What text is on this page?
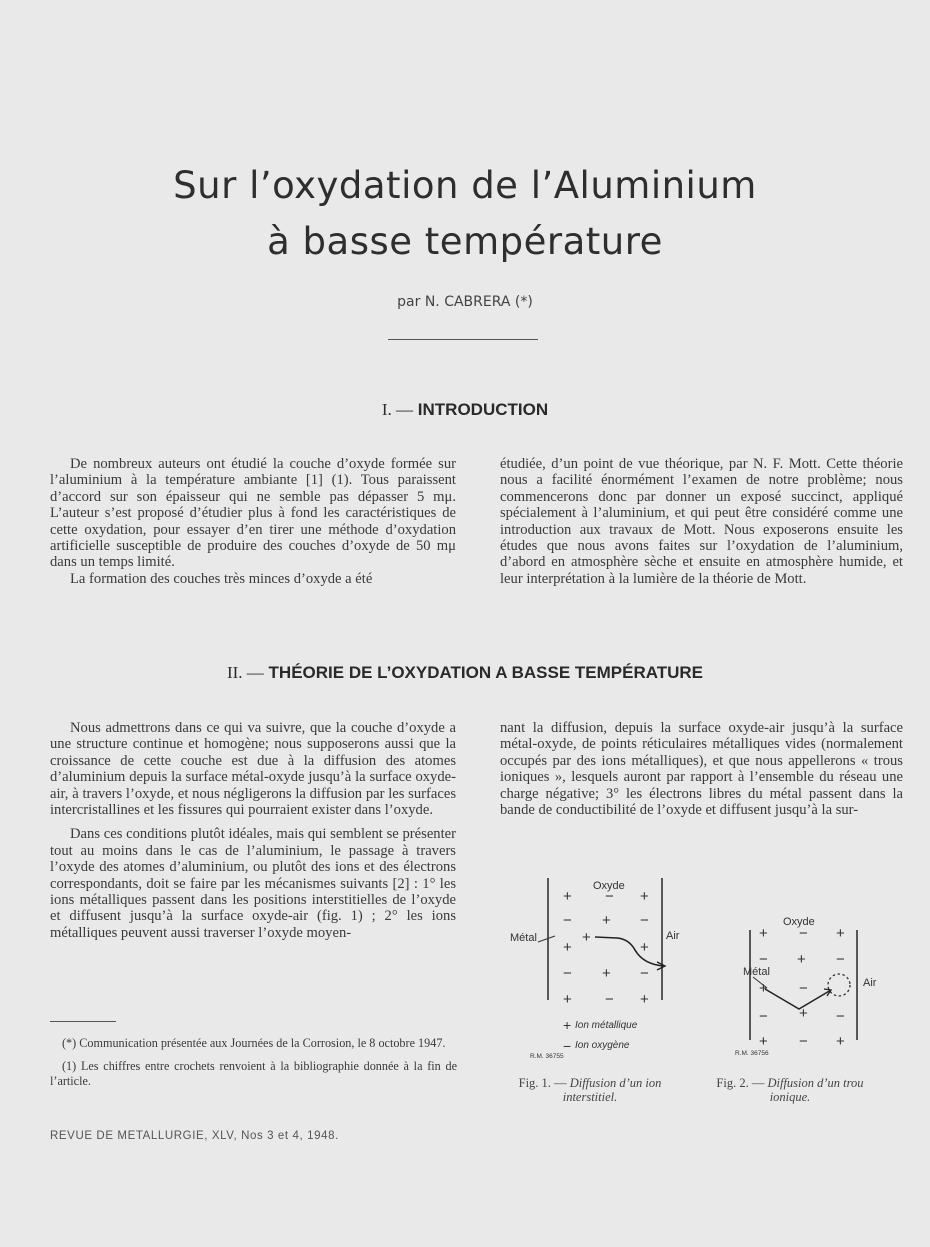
Sur l’oxydation de l’Aluminium
à basse température
par N. CABRERA (*)
I. — INTRODUCTION

De nombreux auteurs ont étudié la couche d’oxyde formée sur l’aluminium à la température ambiante [1] (1). Tous paraissent d’accord sur son épaisseur qui ne semble pas dépasser 5 mμ. L’auteur s’est proposé d’étudier plus à fond les caractéristiques de cette oxydation, pour essayer d’en tirer une méthode d’oxydation artificielle susceptible de produire des couches d’oxyde de 50 mμ dans un temps limité.

La formation des couches très minces d’oxyde a été

étudiée, d’un point de vue théorique, par N. F. Mott. Cette théorie nous a facilité énormément l’examen de notre problème; nous commencerons donc par donner un exposé succinct, appliqué spécialement à l’aluminium, et qui peut être considéré comme une introduction aux travaux de Mott. Nous exposerons ensuite les études que nous avons faites sur l’oxydation de l’aluminium, d’abord en atmosphère sèche et ensuite en atmosphère humide, et leur interprétation à la lumière de la théorie de Mott.

II. — THÉORIE DE L’OXYDATION A BASSE TEMPÉRATURE

Nous admettrons dans ce qui va suivre, que la couche d’oxyde a une structure continue et homogène; nous supposerons aussi que la croissance de cette couche est due à la diffusion des atomes d’aluminium depuis la surface métal-oxyde jusqu’à la surface oxyde-air, à travers l’oxyde, et nous négligerons la diffusion par les surfaces intercristallines et les fissures qui pourraient exister dans l’oxyde.

Dans ces conditions plutôt idéales, mais qui semblent se présenter tout au moins dans le cas de l’aluminium, le passage à travers l’oxyde des atomes d’aluminium, ou plutôt des ions et des électrons correspondants, doit se faire par les mécanismes suivants [2] : 1° les ions métalliques passent dans les positions interstitielles de l’oxyde et diffusent jusqu’à la surface oxyde-air (fig. 1) ; 2° les ions métalliques peuvent aussi traverser l’oxyde moyen-

nant la diffusion, depuis la surface oxyde-air jusqu’à la surface métal-oxyde, de points réticulaires métalliques vides (normalement occupés par des ions métalliques), et que nous appellerons « trous ioniques », lesquels auront par rapport à l’ensemble du réseau une charge négative; 3° les électrons libres du métal passent dans la bande de conductibilité de l’oxyde et diffusent jusqu’à la sur-

Oxyde
Métal	Air
+ − +
− + −
+	+
− + −
+ − +
+
+ Ion métallique
− Ion oxygène
R.M. 36755
Fig. 1. — Diffusion d’un ion interstitiel.
Oxyde
Métal
Air
+ − +
− + −
+ −
− + −
+ − +
R.M. 36756
Fig. 2. — Diffusion d’un trou ionique.

(*) Communication présentée aux Journées de la Corrosion, le 8 octobre 1947.

(1) Les chiffres entre crochets renvoient à la bibliographie donnée à la fin de l’article.

REVUE DE METALLURGIE, XLV, Nos 3 et 4, 1948.
